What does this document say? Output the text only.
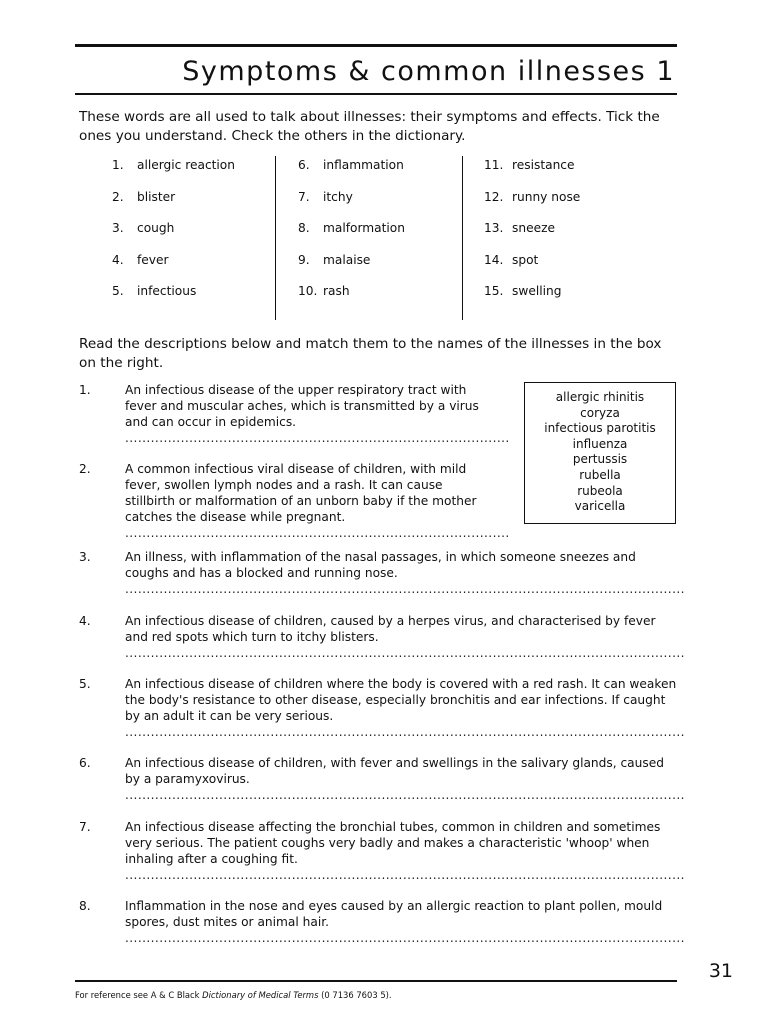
Symptoms & common illnesses 1
These words are all used to talk about illnesses: their symptoms and effects. Tick the ones you understand. Check the others in the dictionary.
1. allergic reaction
2. blister
3. cough
4. fever
5. infectious
6. inflammation
7. itchy
8. malformation
9. malaise
10. rash
11. resistance
12. runny nose
13. sneeze
14. spot
15. swelling
Read the descriptions below and match them to the names of the illnesses in the box on the right.
allergic rhinitis
coryza
infectious parotitis
influenza
pertussis
rubella
rubeola
varicella
1.	An infectious disease of the upper respiratory tract with fever and muscular aches, which is transmitted by a virus and can occur in epidemics.
..........................................................................................
2.	A common infectious viral disease of children, with mild fever, swollen lymph nodes and a rash. It can cause stillbirth or malformation of an unborn baby if the mother catches the disease while pregnant.
..........................................................................................
3.	An illness, with inflammation of the nasal passages, in which someone sneezes and coughs and has a blocked and running nose.
...................................................................................................................................
4.	An infectious disease of children, caused by a herpes virus, and characterised by fever and red spots which turn to itchy blisters.
...................................................................................................................................
5.	An infectious disease of children where the body is covered with a red rash. It can weaken the body's resistance to other disease, especially bronchitis and ear infections. If caught by an adult it can be very serious.
...................................................................................................................................
6.	An infectious disease of children, with fever and swellings in the salivary glands, caused by a paramyxovirus.
...................................................................................................................................
7.	An infectious disease affecting the bronchial tubes, common in children and sometimes very serious. The patient coughs very badly and makes a characteristic 'whoop' when inhaling after a coughing fit.
...................................................................................................................................
8.	Inflammation in the nose and eyes caused by an allergic reaction to plant pollen, mould spores, dust mites or animal hair.
...................................................................................................................................
31
For reference see A & C Black Dictionary of Medical Terms (0 7136 7603 5).
